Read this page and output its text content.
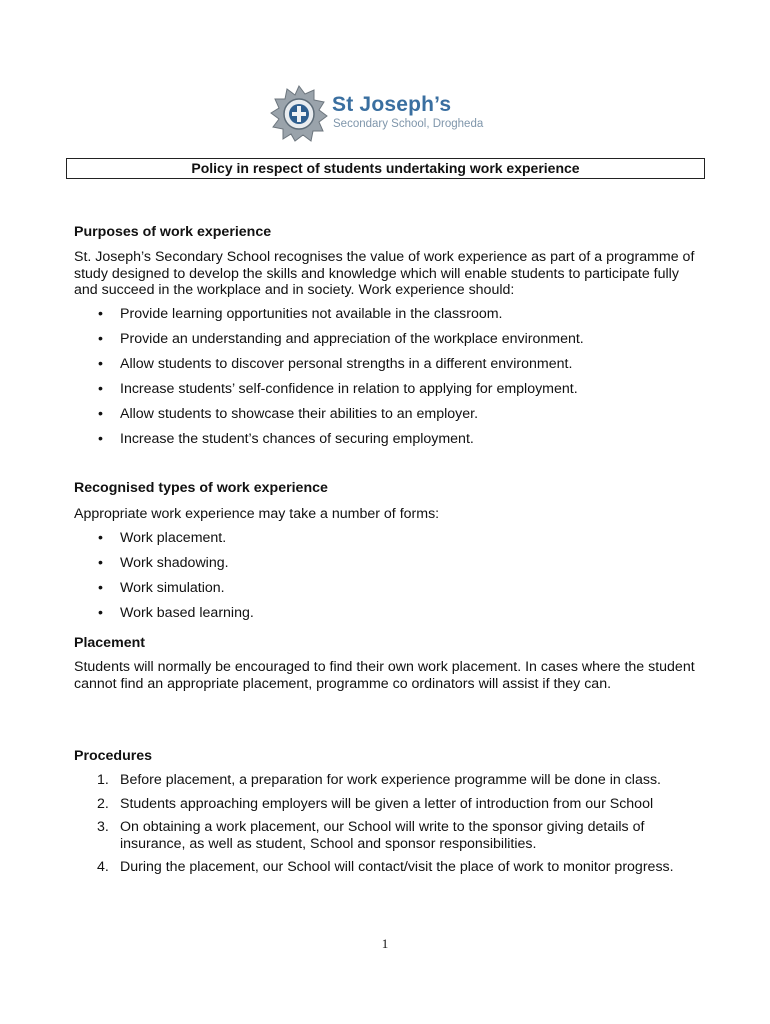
St Joseph’s
Secondary School, Drogheda
Policy in respect of students undertaking work experience
Purposes of work experience

St. Joseph’s Secondary School recognises the value of work experience as part of a programme of study designed to develop the skills and knowledge which will enable students to participate fully and succeed in the workplace and in society. Work experience should:

• Provide learning opportunities not available in the classroom.
• Provide an understanding and appreciation of the workplace environment.
• Allow students to discover personal strengths in a different environment.
• Increase students’ self-confidence in relation to applying for employment.
• Allow students to showcase their abilities to an employer.
• Increase the student’s chances of securing employment.
Recognised types of work experience

Appropriate work experience may take a number of forms:

• Work placement.
• Work shadowing.
• Work simulation.
• Work based learning.
Placement

Students will normally be encouraged to find their own work placement. In cases where the student cannot find an appropriate placement, programme co ordinators will assist if they can.

Procedures
1. Before placement, a preparation for work experience programme will be done in class.
2. Students approaching employers will be given a letter of introduction from our School
3. On obtaining a work placement, our School will write to the sponsor giving details of insurance, as well as student, School and sponsor responsibilities.
4. During the placement, our School will contact/visit the place of work to monitor progress.
1
